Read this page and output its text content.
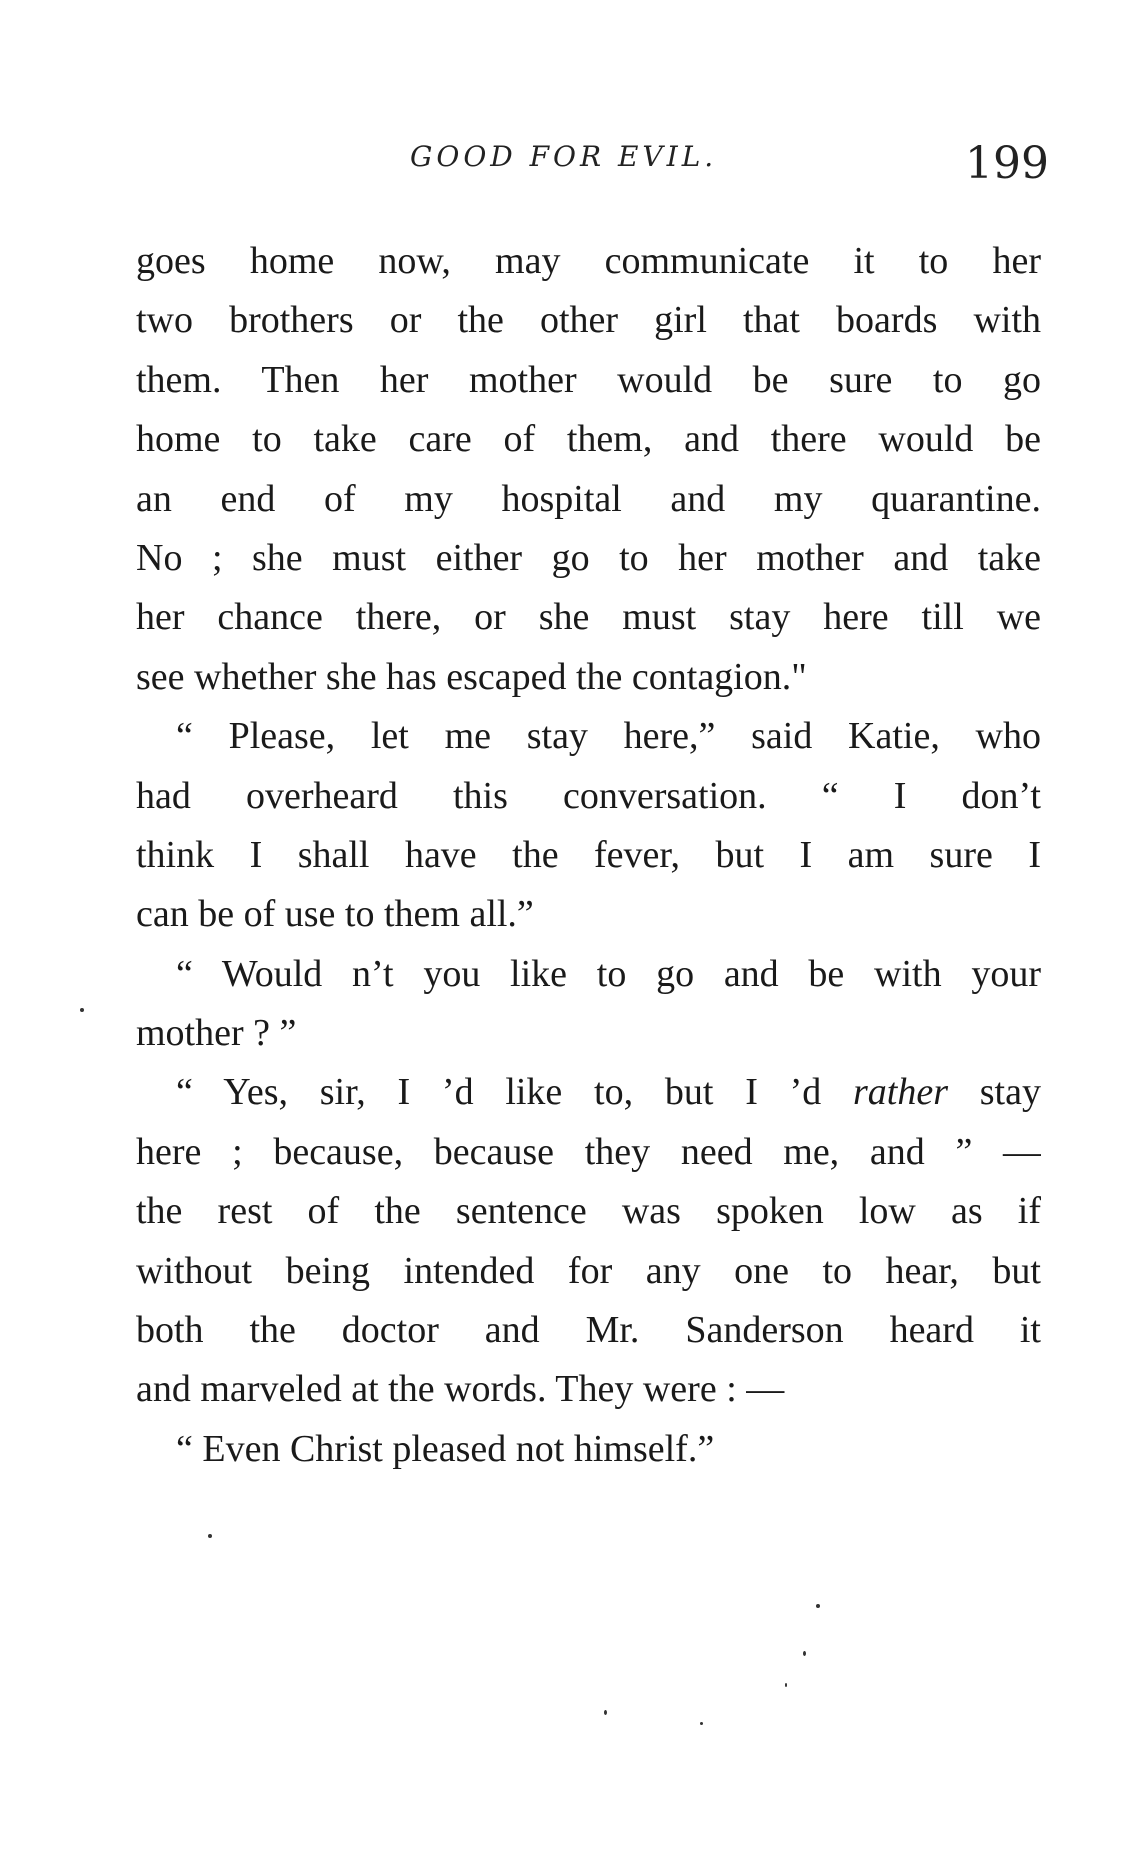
GOOD FOR EVIL.	199
goes home now, may communicate it to her
two brothers or the other girl that boards with
them. Then her mother would be sure to go
home to take care of them, and there would be
an end of my hospital and my quarantine.
No ; she must either go to her mother and take
her chance there, or she must stay here till we
see whether she has escaped the contagion."
“ Please, let me stay here,” said Katie, who
had overheard this conversation. “ I don’t
think I shall have the fever, but I am sure I
can be of use to them all.”
“ Would n’t you like to go and be with your
mother ? ”
“ Yes, sir, I ’d like to, but I ’d rather stay
here ; because, because they need me, and ” —
the rest of the sentence was spoken low as if
without being intended for any one to hear, but
both the doctor and Mr. Sanderson heard it
and marveled at the words. They were : —
“ Even Christ pleased not himself.”
